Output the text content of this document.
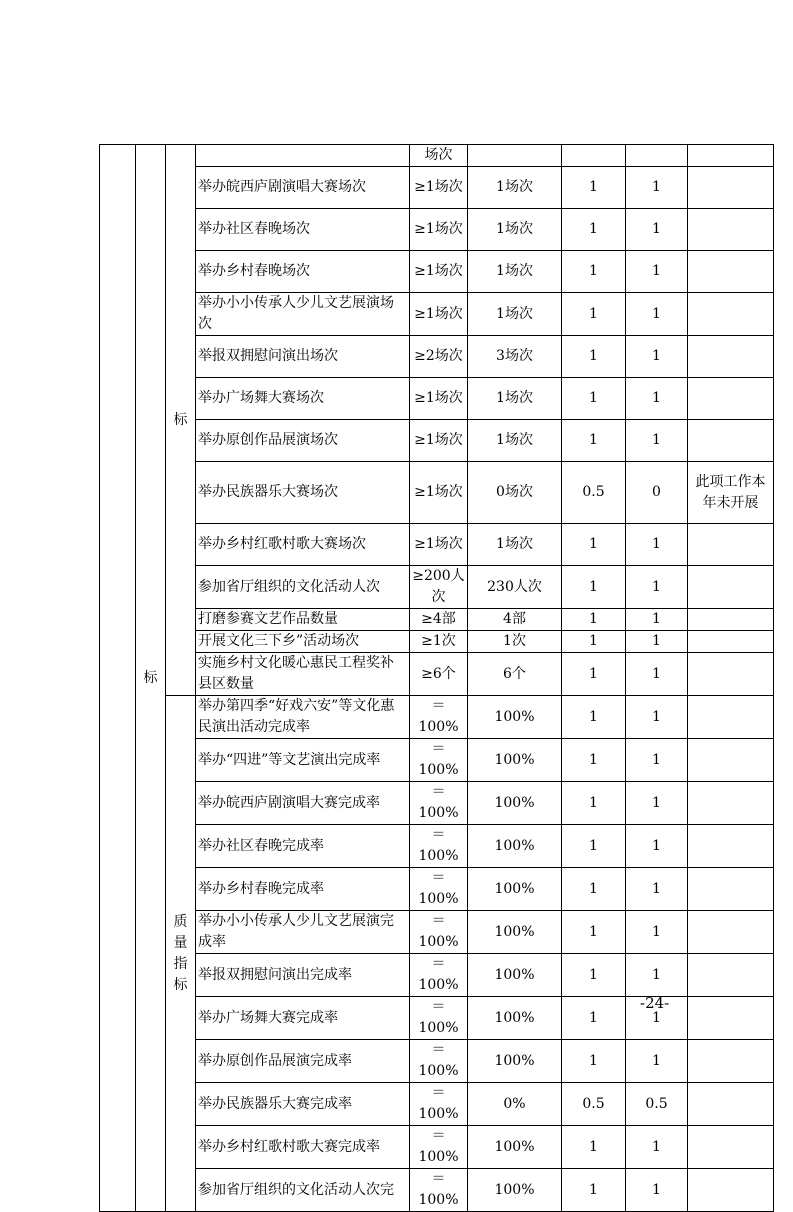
	标	标		场次				
			举办皖西庐剧演唱大赛场次	≥1场次	1场次	1	1	
			举办社区春晚场次	≥1场次	1场次	1	1	
			举办乡村春晚场次	≥1场次	1场次	1	1	
			举办小小传承人少儿文艺展演场次	≥1场次	1场次	1	1	
			举报双拥慰问演出场次	≥2场次	3场次	1	1	
			举办广场舞大赛场次	≥1场次	1场次	1	1	
			举办原创作品展演场次	≥1场次	1场次	1	1	
			举办民族器乐大赛场次	≥1场次	0场次	0.5	0	此项工作本年未开展
			举办乡村红歌村歌大赛场次	≥1场次	1场次	1	1	
			参加省厅组织的文化活动人次	≥200人次	230人次	1	1	
			打磨参赛文艺作品数量	≥4部	4部	1	1	
			开展文化三下乡”活动场次	≥1次	1次	1	1	
			实施乡村文化暖心惠民工程奖补县区数量	≥6个	6个	1	1	

		质
量
指
标	举办第四季“好戏六安”等文化惠民演出活动完成率	＝100%	100%	1	1	
			举办“四进”等文艺演出完成率	＝100%	100%	1	1	
			举办皖西庐剧演唱大赛完成率	＝100%	100%	1	1	
			举办社区春晚完成率	＝100%	100%	1	1	
			举办乡村春晚完成率	＝100%	100%	1	1	
			举办小小传承人少儿文艺展演完成率	＝100%	100%	1	1	
			举报双拥慰问演出完成率	＝100%	100%	1	1	
			举办广场舞大赛完成率	＝100%	100%	1	1	
			举办原创作品展演完成率	＝100%	100%	1	1	
			举办民族器乐大赛完成率	＝100%	0%	0.5	0.5	
			举办乡村红歌村歌大赛完成率	＝100%	100%	1	1	
			参加省厅组织的文化活动人次完	＝100%	100%	1	1	
-24-
